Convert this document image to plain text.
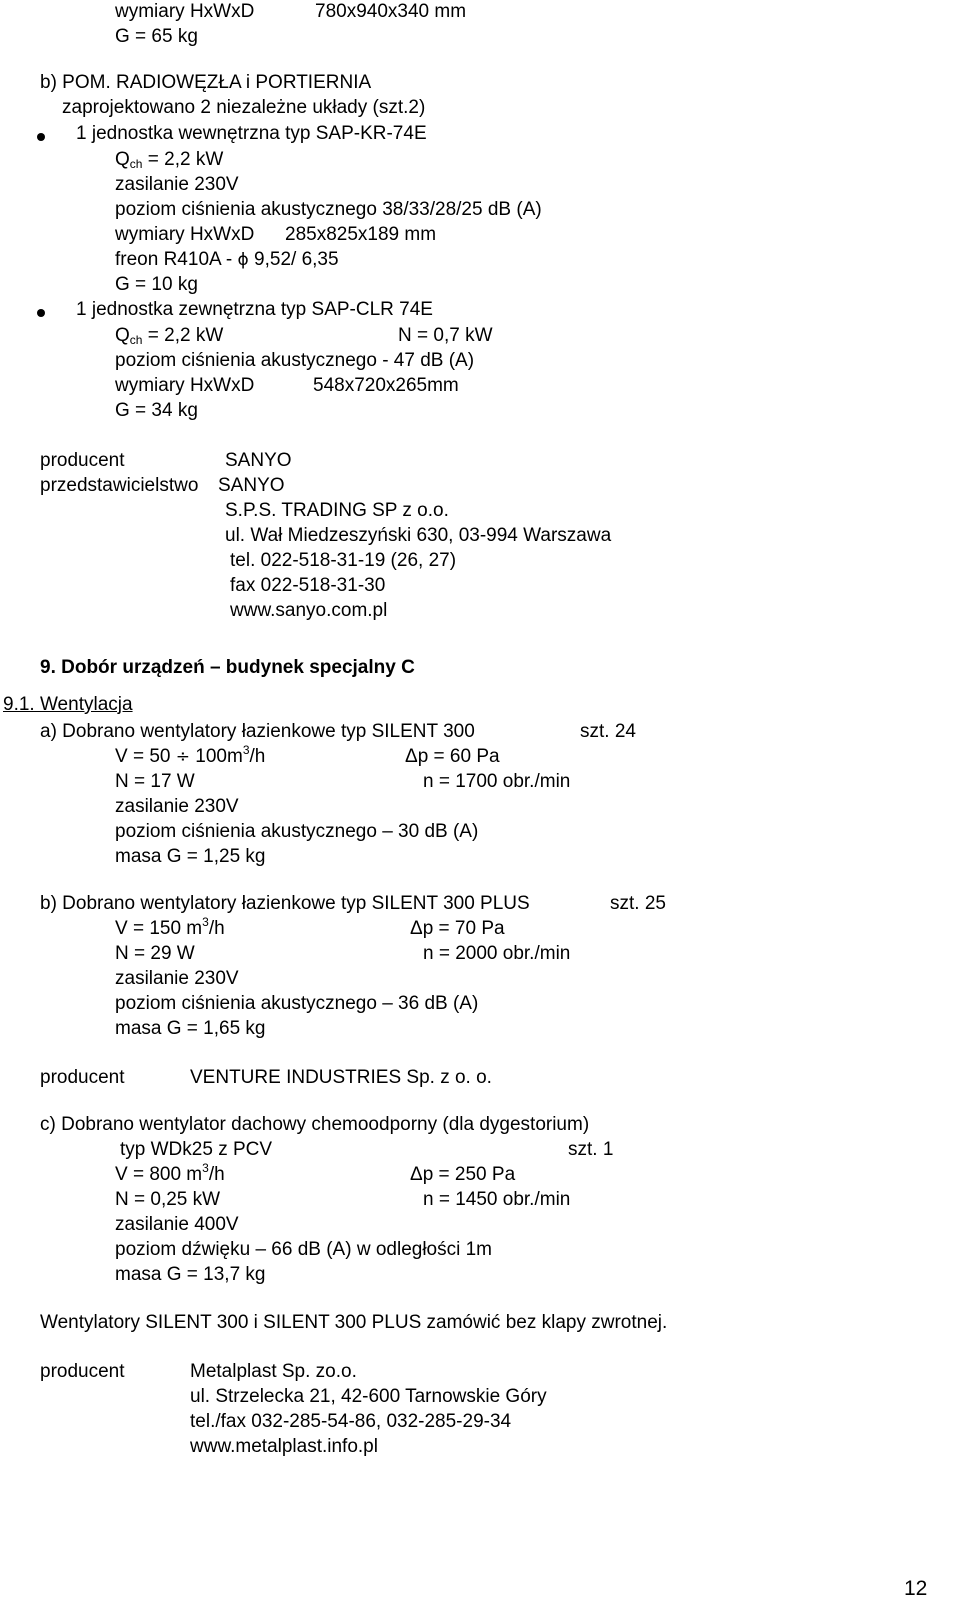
wymiary HxWxD	780x940x340 mm
G = 65 kg
b) POM. RADIOWĘZŁA i PORTIERNIA
zaprojektowano 2 niezależne układy (szt.2)
1 jednostka wewnętrzna typ SAP-KR-74E
$Q_{ch} = 2,2$ kW
zasilanie 230V
poziom ciśnienia akustycznego 38/33/28/25 dB (A)
wymiary HxWxD 285x825x189 mm
freon R410A - ϕ 9,52/ 6,35
G = 10 kg
1 jednostka zewnętrzna typ SAP-CLR 74E
$Q_{ch} = 2,2$ kW	N = 0,7 kW
poziom ciśnienia akustycznego - 47 dB (A)
wymiary HxWxD	548x720x265mm
G = 34 kg
producent	SANYO
przedstawicielstwo SANYO
S.P.S. TRADING SP z o.o.
ul. Wał Miedzeszyński 630, 03-994 Warszawa
tel. 022-518-31-19 (26, 27)
fax 022-518-31-30
www.sanyo.com.pl
9. Dobór urządzeń – budynek specjalny C
9.1. Wentylacja
a) Dobrano wentylatory łazienkowe typ SILENT 300	szt. 24
$V = 50 \div 100m^3/h$	Δp = 60 Pa
N = 17 W	n = 1700 obr./min
zasilanie 230V
poziom ciśnienia akustycznego – 30 dB (A)
masa G = 1,25 kg
b) Dobrano wentylatory łazienkowe typ SILENT 300 PLUS	szt. 25
V = 150 $m^3/h$	Δp = 70 Pa
N = 29 W	n = 2000 obr./min
zasilanie 230V
poziom ciśnienia akustycznego – 36 dB (A)
masa G = 1,65 kg
producent	VENTURE INDUSTRIES Sp. z o. o.
c) Dobrano wentylator dachowy chemoodporny (dla dygestorium)
typ WDk25 z PCV	szt. 1
V = 800 $m^3/h$	Δp = 250 Pa
N = 0,25 kW	n = 1450 obr./min
zasilanie 400V
poziom dźwięku – 66 dB (A) w odległości 1m
masa G = 13,7 kg
Wentylatory SILENT 300 i SILENT 300 PLUS zamówić bez klapy zwrotnej.
producent	Metalplast Sp. zo.o.
ul. Strzelecka 21, 42-600 Tarnowskie Góry
tel./fax 032-285-54-86, 032-285-29-34
www.metalplast.info.pl
12
